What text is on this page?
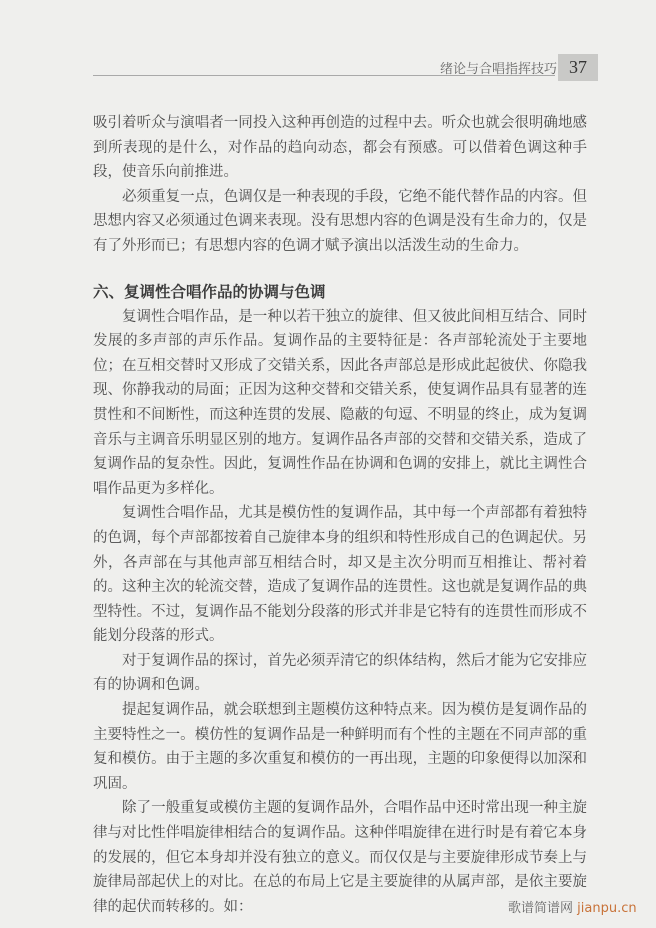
绪论与合唱指挥技巧 37

吸引着听众与演唱者一同投入这种再创造的过程中去。听众也就会很明确地感到所表现的是什么，对作品的趋向动态，都会有预感。可以借着色调这种手段，使音乐向前推进。

必须重复一点，色调仅是一种表现的手段，它绝不能代替作品的内容。但思想内容又必须通过色调来表现。没有思想内容的色调是没有生命力的，仅是有了外形而已；有思想内容的色调才赋予演出以活泼生动的生命力。

六、复调性合唱作品的协调与色调

复调性合唱作品，是一种以若干独立的旋律、但又彼此间相互结合、同时发展的多声部的声乐作品。复调作品的主要特征是：各声部轮流处于主要地位；在互相交替时又形成了交错关系，因此各声部总是形成此起彼伏、你隐我现、你静我动的局面；正因为这种交替和交错关系，使复调作品具有显著的连贯性和不间断性，而这种连贯的发展、隐蔽的句逗、不明显的终止，成为复调音乐与主调音乐明显区别的地方。复调作品各声部的交替和交错关系，造成了复调作品的复杂性。因此，复调性作品在协调和色调的安排上，就比主调性合唱作品更为多样化。

复调性合唱作品，尤其是模仿性的复调作品，其中每一个声部都有着独特的色调，每个声部都按着自己旋律本身的组织和特性形成自己的色调起伏。另外，各声部在与其他声部互相结合时，却又是主次分明而互相推让、帮衬着的。这种主次的轮流交替，造成了复调作品的连贯性。这也就是复调作品的典型特性。不过，复调作品不能划分段落的形式并非是它特有的连贯性而形成不能划分段落的形式。

对于复调作品的探讨，首先必须弄清它的织体结构，然后才能为它安排应有的协调和色调。

提起复调作品，就会联想到主题模仿这种特点来。因为模仿是复调作品的主要特性之一。模仿性的复调作品是一种鲜明而有个性的主题在不同声部的重复和模仿。由于主题的多次重复和模仿的一再出现，主题的印象便得以加深和巩固。

除了一般重复或模仿主题的复调作品外，合唱作品中还时常出现一种主旋律与对比性伴唱旋律相结合的复调作品。这种伴唱旋律在进行时是有着它本身的发展的，但它本身却并没有独立的意义。而仅仅是与主要旋律形成节奏上与旋律局部起伏上的对比。在总的布局上它是主要旋律的从属声部，是依主要旋律的起伏而转移的。如：	歌谱简谱网 jianpu.cn
